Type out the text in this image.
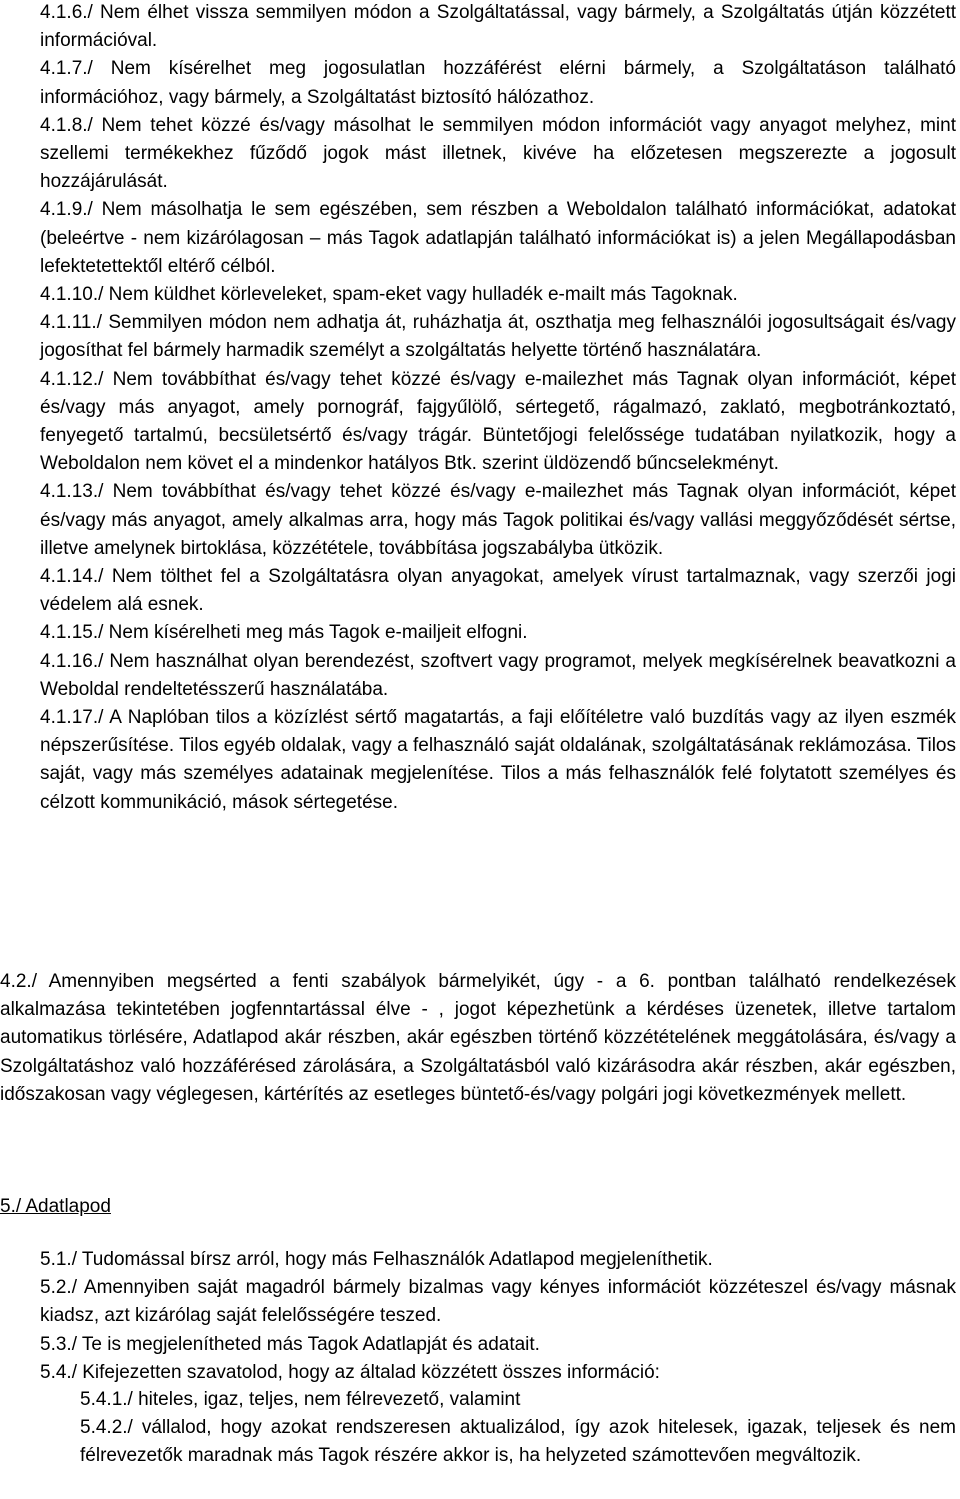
4.1.6./ Nem élhet vissza semmilyen módon a Szolgáltatással, vagy bármely, a Szolgáltatás útján közzétett információval.

4.1.7./ Nem kísérelhet meg jogosulatlan hozzáférést elérni bármely, a Szolgáltatáson található információhoz, vagy bármely, a Szolgáltatást biztosító hálózathoz.

4.1.8./ Nem tehet közzé és/vagy másolhat le semmilyen módon információt vagy anyagot melyhez, mint szellemi termékekhez fűződő jogok mást illetnek, kivéve ha előzetesen megszerezte a jogosult hozzájárulását.

4.1.9./ Nem másolhatja le sem egészében, sem részben a Weboldalon található információkat, adatokat (beleértve - nem kizárólagosan ‒ más Tagok adatlapján található információkat is) a jelen Megállapodásban lefektetettektől eltérő célból.

4.1.10./ Nem küldhet körleveleket, spam-eket vagy hulladék e-mailt más Tagoknak.

4.1.11./ Semmilyen módon nem adhatja át, ruházhatja át, oszthatja meg felhasználói jogosultságait és/vagy jogosíthat fel bármely harmadik személyt a szolgáltatás helyette történő használatára.

4.1.12./ Nem továbbíthat és/vagy tehet közzé és/vagy e-mailezhet más Tagnak olyan információt, képet és/vagy más anyagot, amely pornográf, fajgyűlölő, sértegető, rágalmazó, zaklató, megbotránkoztató, fenyegető tartalmú, becsületsértő és/vagy trágár. Büntetőjogi felelőssége tudatában nyilatkozik, hogy a Weboldalon nem követ el a mindenkor hatályos Btk. szerint üldözendő bűncselekményt.

4.1.13./ Nem továbbíthat és/vagy tehet közzé és/vagy e-mailezhet más Tagnak olyan információt, képet és/vagy más anyagot, amely alkalmas arra, hogy más Tagok politikai és/vagy vallási meggyőződését sértse, illetve amelynek birtoklása, közzététele, továbbítása jogszabályba ütközik.

4.1.14./ Nem tölthet fel a Szolgáltatásra olyan anyagokat, amelyek vírust tartalmaznak, vagy szerzői jogi védelem alá esnek.

4.1.15./ Nem kísérelheti meg más Tagok e-mailjeit elfogni.

4.1.16./ Nem használhat olyan berendezést, szoftvert vagy programot, melyek megkísérelnek beavatkozni a Weboldal rendeltetésszerű használatába.

4.1.17./ A Naplóban tilos a közízlést sértő magatartás, a faji előítéletre való buzdítás vagy az ilyen eszmék népszerűsítése. Tilos egyéb oldalak, vagy a felhasználó saját oldalának, szolgáltatásának reklámozása. Tilos saját, vagy más személyes adatainak megjelenítése. Tilos a más felhasználók felé folytatott személyes és célzott kommunikáció, mások sértegetése.

4.2./ Amennyiben megsérted a fenti szabályok bármelyikét, úgy - a 6. pontban található rendelkezések alkalmazása tekintetében jogfenntartással élve - , jogot képezhetünk a kérdéses üzenetek, illetve tartalom automatikus törlésére, Adatlapod akár részben, akár egészben történő közzétételének meggátolására, és/vagy a Szolgáltatáshoz való hozzáférésed zárolására, a Szolgáltatásból való kizárásodra akár részben, akár egészben, időszakosan vagy véglegesen, kártérítés az esetleges büntető-és/vagy polgári jogi következmények mellett.

5./ Adatlapod

5.1./ Tudomással bírsz arról, hogy más Felhasználók Adatlapod megjeleníthetik.

5.2./ Amennyiben saját magadról bármely bizalmas vagy kényes információt közzéteszel és/vagy másnak kiadsz, azt kizárólag saját felelősségére teszed.

5.3./ Te is megjelenítheted más Tagok Adatlapját és adatait.

5.4./ Kifejezetten szavatolod, hogy az általad közzétett összes információ:

5.4.1./ hiteles, igaz, teljes, nem félrevezető, valamint

5.4.2./ vállalod, hogy azokat rendszeresen aktualizálod, így azok hitelesek, igazak, teljesek és nem félrevezetők maradnak más Tagok részére akkor is, ha helyzeted számottevően megváltozik.
